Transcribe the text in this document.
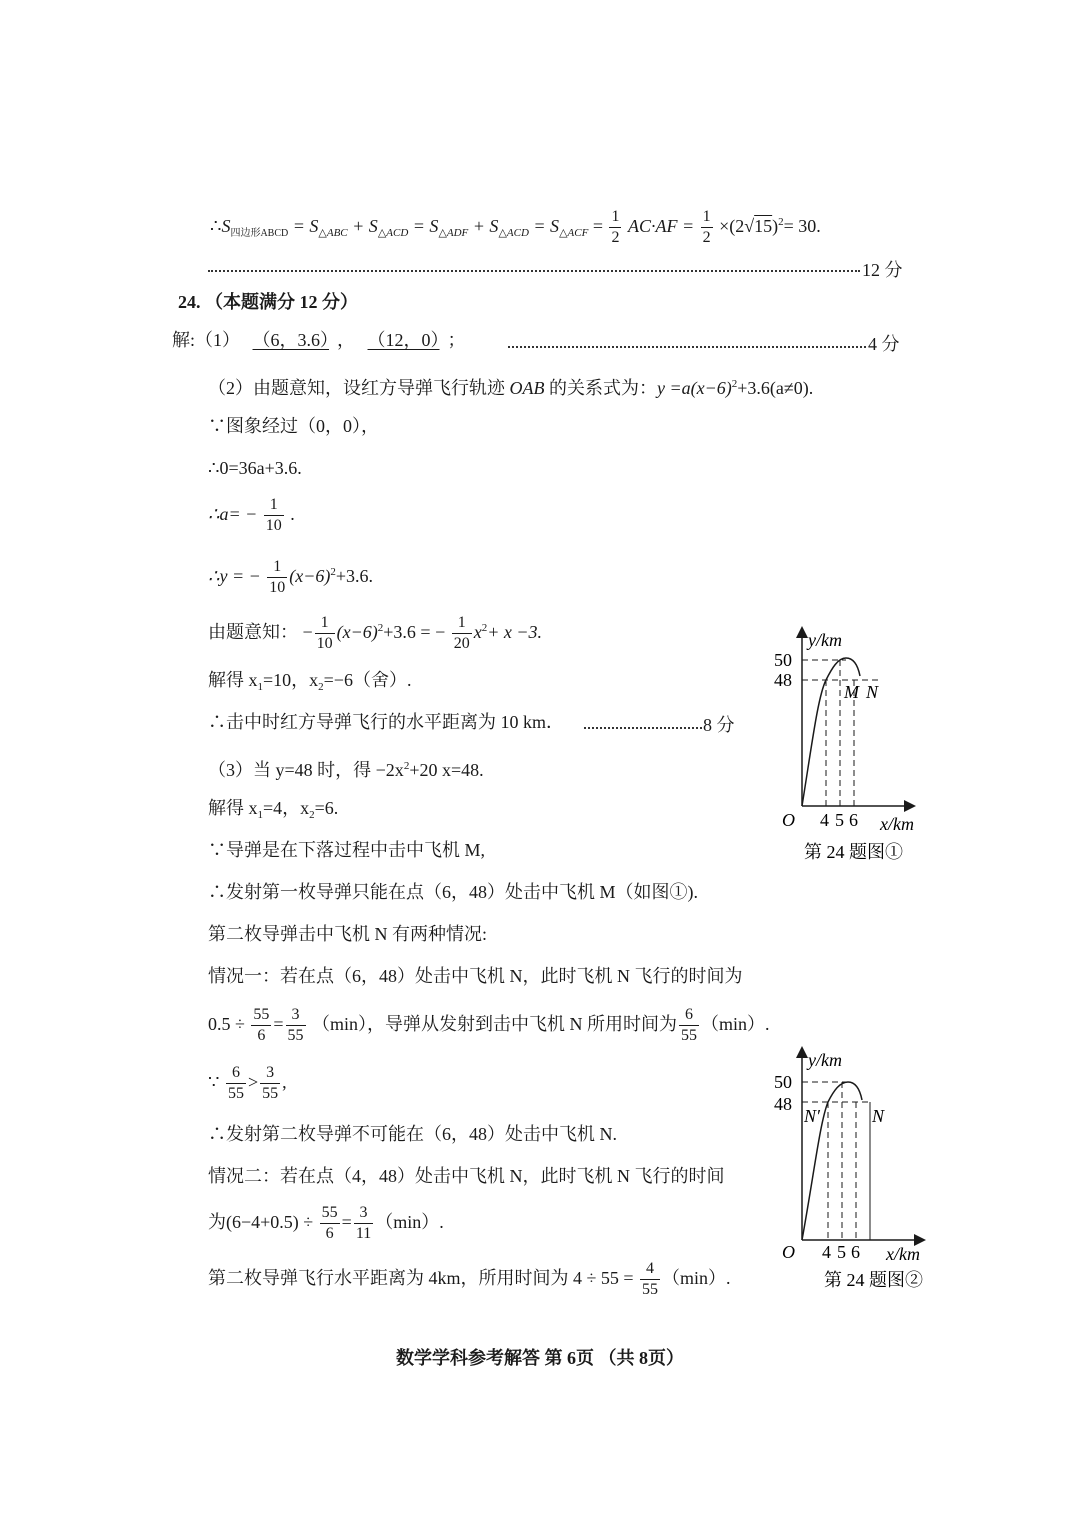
$\therefore S_{四边形ABCD} = S_{\triangle ABC} + S_{\triangle ACD} = S_{\triangle ADF} + S_{\triangle ACD} = S_{\triangle ACF} = \frac{1}{2} AC\cdot AF = \frac{1}{2} \times(2√15)^2= 30$.
12 分
24. （本题满分 12 分）
解:（1） （6，3.6） ， （12，0） ；	4 分
（2）由题意知，设红方导弹飞行轨迹 OAB 的关系式为：$y =a(x-6)^2+3.6(a\ne 0)$.
∵图象经过（0，0），
∴0=36a+3.6.
∴a= − $\frac{1}{10}$ .
∴y = − $\frac{1}{10} (x-6)^2+3.6$.
由题意知： − $\frac{1}{10} (x-6)^2+3.6$ = − $\frac{1}{20} x^2+ x -3$.
解得 $x_1=10$，$x_2=-6$（舍）.
∴击中时红方导弹飞行的水平距离为 10 km．	8 分
（3）当 y=48 时，得 $-2x^2+20$ x=48.
解得 $x_1=4$，$x_2=6$.
∵导弹是在下落过程中击中飞机 M,
∴发射第一枚导弹只能在点（6，48）处击中飞机 M（如图①).
第二枚导弹击中飞机 N 有两种情况:
情况一：若在点（6，48）处击中飞机 N，此时飞机 N 飞行的时间为
$0.5 \div \frac{55}{6} = \frac{3}{55} (\min)$，导弹从发射到击中飞机 N 所用时间为 $\frac{6}{55} (\min)$.
∵ $\frac{6}{55} > \frac{3}{55}$ ,
∴发射第二枚导弹不可能在（6，48）处击中飞机 N.
情况二：若在点（4，48）处击中飞机 N，此时飞机 N 飞行的时间
为$(6-4+0.5) \div \frac{55}{6} = \frac{3}{11} (\min)$.
第二枚导弹飞行水平距离为 4km，所用时间为 $4 \div 55 = \frac{4}{55} (\min)$.
数学学科参考解答 第 6页 （共 8页）
y/km
50
48
M N
O 4 5 6 x/km
第 24 题图①
y/km
50
48
N′	N
O 4 5 6 x/km
第 24 题图②
